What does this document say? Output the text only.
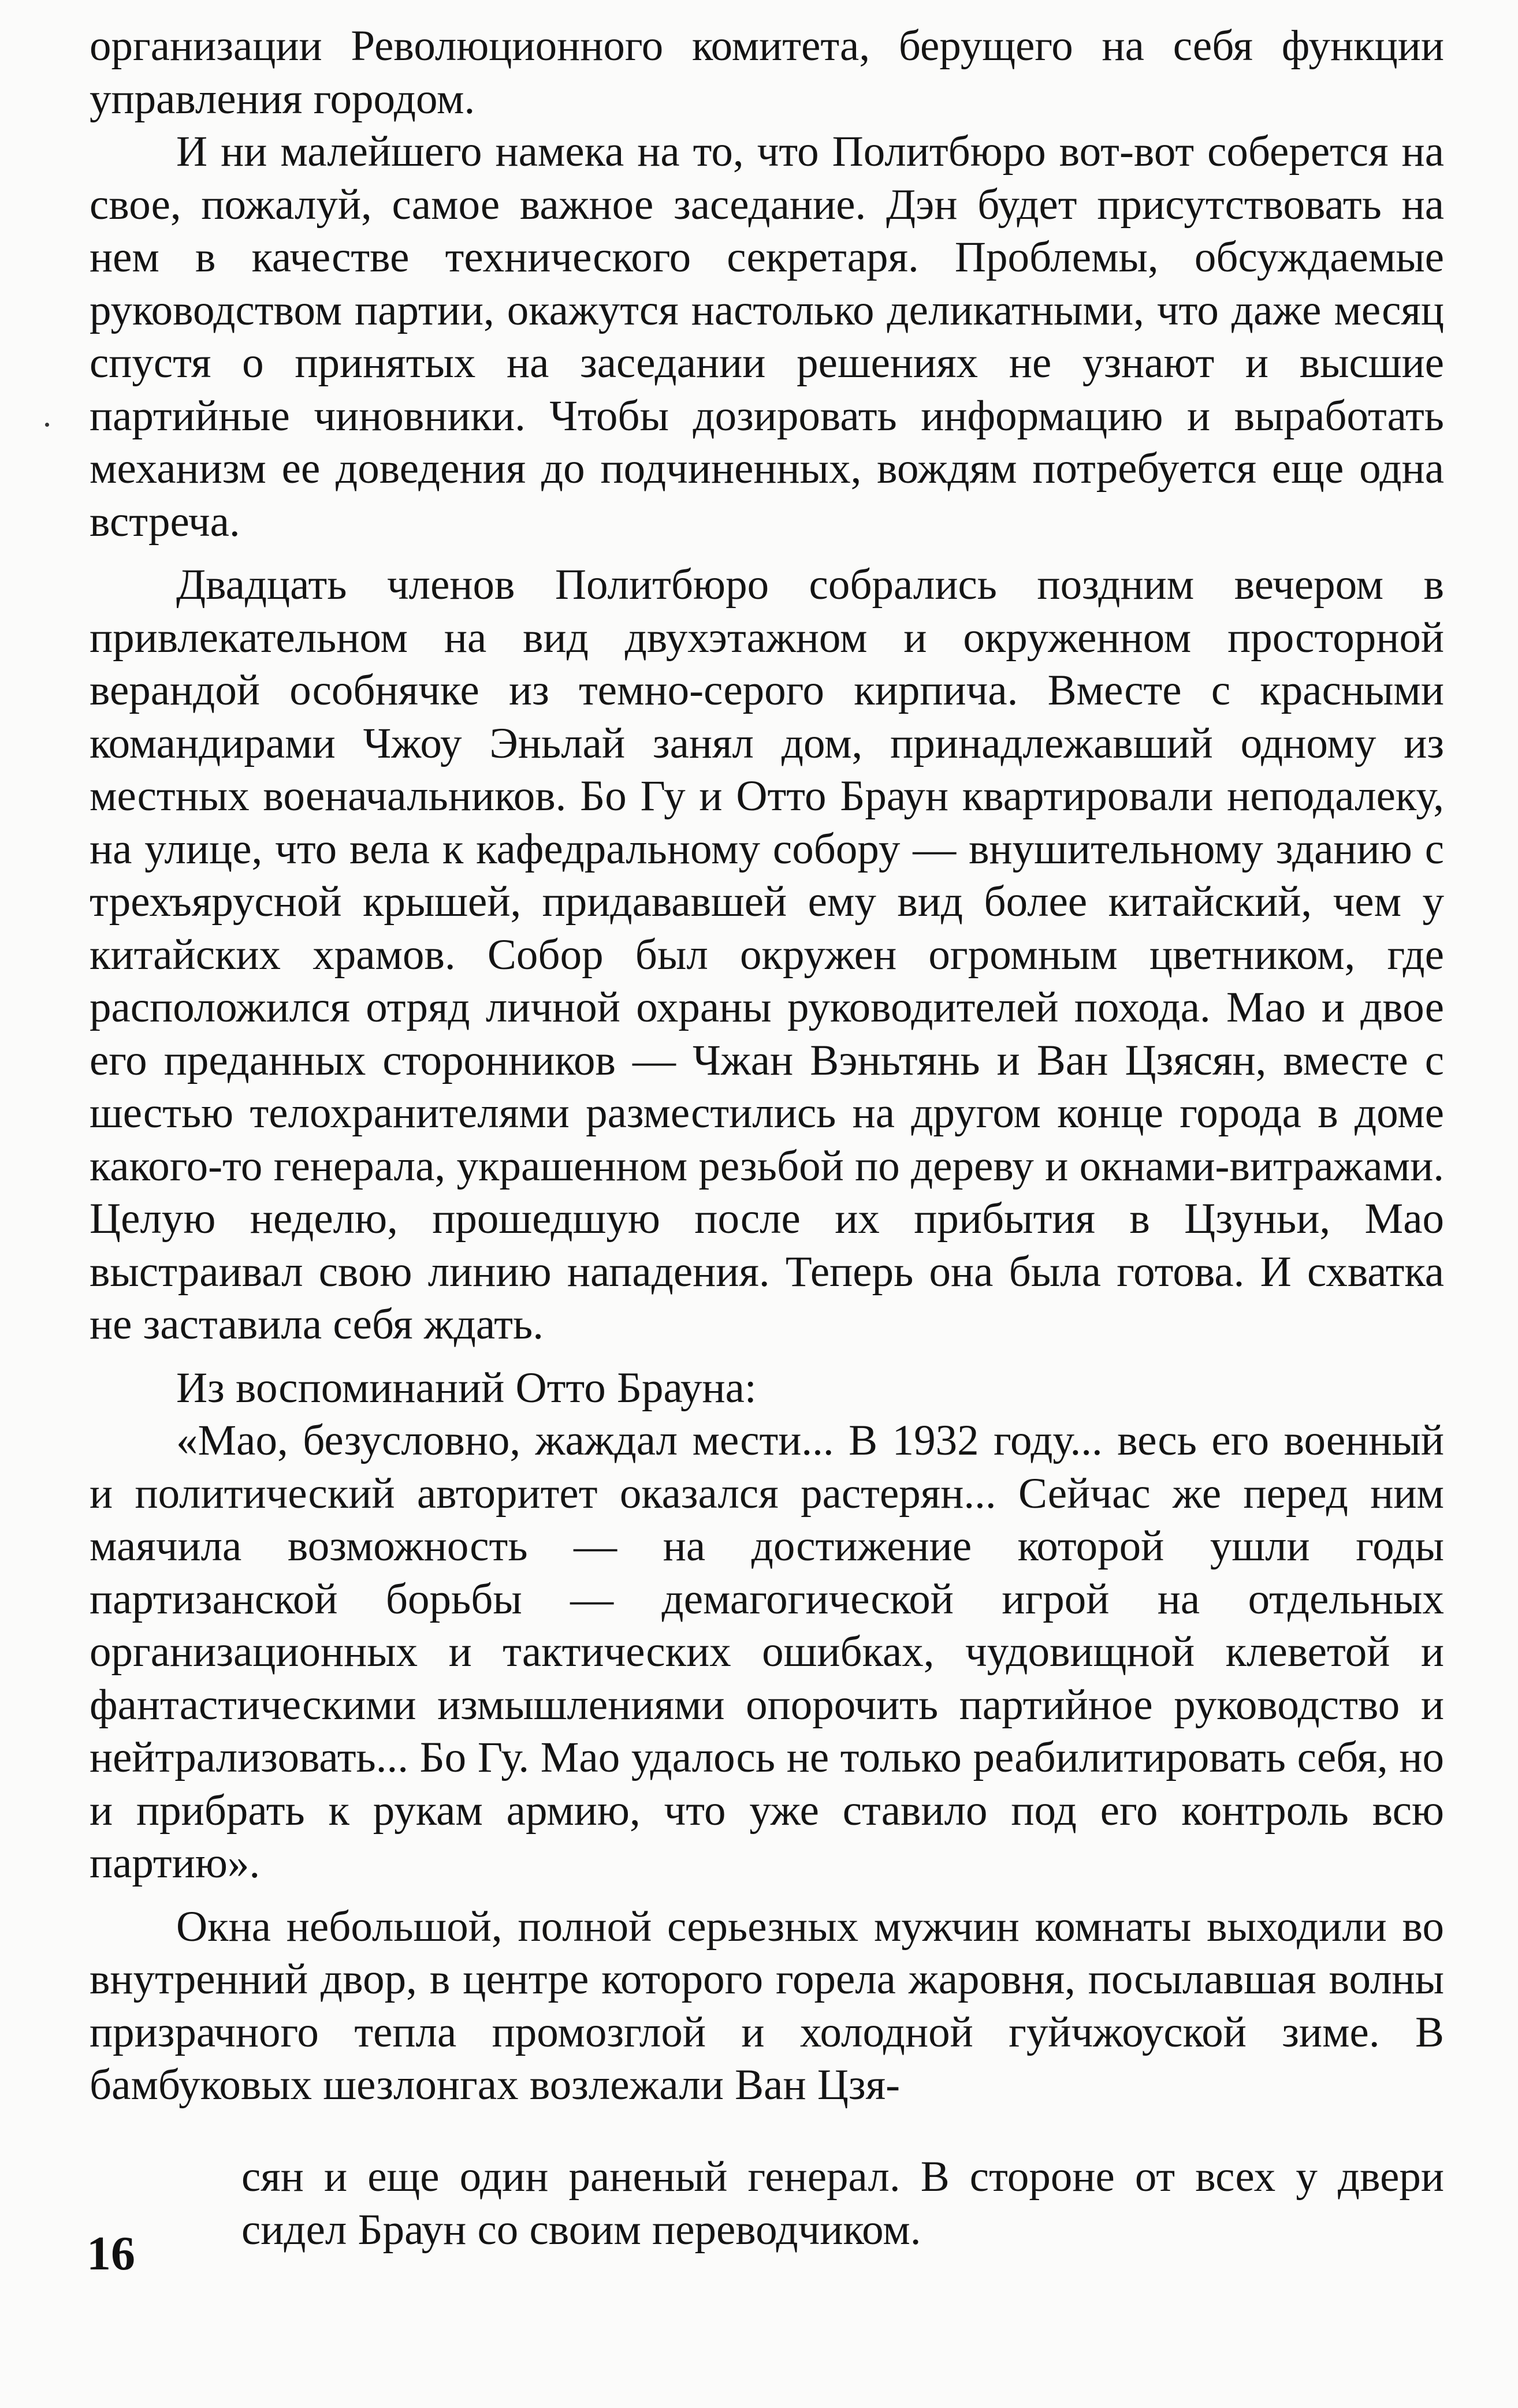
организации Революционного комитета, берущего на себя функции управления городом.

И ни малейшего намека на то, что Политбюро вот-вот соберется на свое, пожалуй, самое важное заседание. Дэн будет присутствовать на нем в качестве технического секретаря. Проблемы, обсуждаемые руководством партии, окажутся настолько деликатными, что даже месяц спустя о принятых на заседании решениях не узнают и высшие партийные чиновники. Чтобы дозировать информацию и выработать механизм ее доведения до подчиненных, вождям потребуется еще одна встреча.

Двадцать членов Политбюро собрались поздним вечером в привлекательном на вид двухэтажном и окруженном просторной верандой особнячке из темно-серого кирпича. Вместе с красными командирами Чжоу Эньлай занял дом, принадлежавший одному из местных военачальников. Бо Гу и Отто Браун квартировали неподалеку, на улице, что вела к кафедральному собору — внушительному зданию с трехъярусной крышей, придававшей ему вид более китайский, чем у китайских храмов. Собор был окружен огромным цветником, где расположился отряд личной охраны руководителей похода. Мао и двое его преданных сторонников — Чжан Вэньтянь и Ван Цзясян, вместе с шестью телохранителями разместились на другом конце города в доме какого-то генерала, украшенном резьбой по дереву и окнами-витражами. Целую неделю, прошедшую после их прибытия в Цзуньи, Мао выстраивал свою линию нападения. Теперь она была готова. И схватка не заставила себя ждать.

Из воспоминаний Отто Брауна:

«Мао, безусловно, жаждал мести... В 1932 году... весь его военный и политический авторитет оказался растерян... Сейчас же перед ним маячила возможность — на достижение которой ушли годы партизанской борьбы — демагогической игрой на отдельных организационных и тактических ошибках, чудовищной клеветой и фантастическими измышлениями опорочить партийное руководство и нейтрализовать... Бо Гу. Мао удалось не только реабилитировать себя, но и прибрать к рукам армию, что уже ставило под его контроль всю партию».

Окна небольшой, полной серьезных мужчин комнаты выходили во внутренний двор, в центре которого горела жаровня, посылавшая волны призрачного тепла промозглой и холодной гуйчжоуской зиме. В бамбуковых шезлонгах возлежали Ван Цзя-

сян и еще один раненый генерал. В стороне от всех у двери сидел Браун со своим переводчиком.

16
